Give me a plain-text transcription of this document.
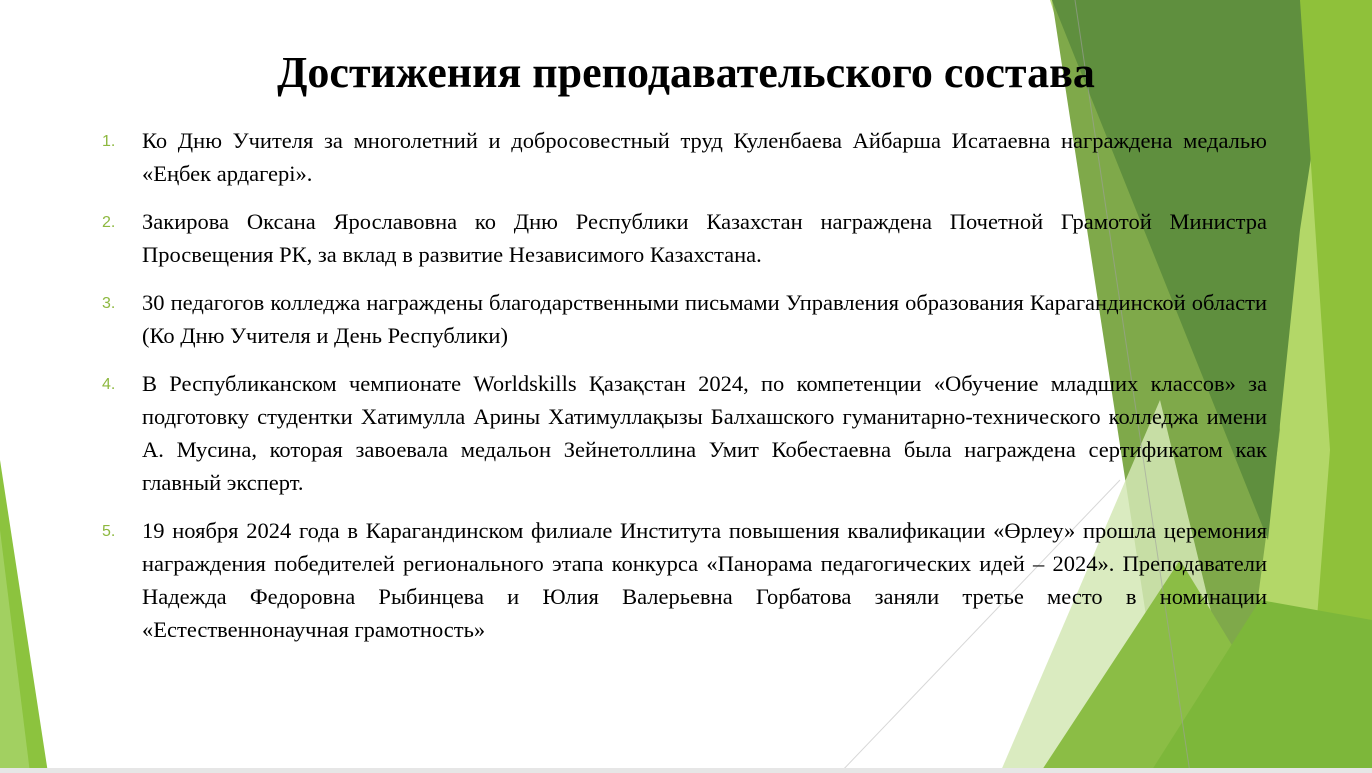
Достижения преподавательского состава
1. Ко Дню Учителя за многолетний и добросовестный труд Куленбаева Айбарша Исатаевна награждена медалью «Еңбек ардагері».
2. Закирова Оксана Ярославовна ко Дню Республики Казахстан награждена Почетной Грамотой Министра Просвещения РК, за вклад в развитие Независимого Казахстана.
3. 30 педагогов колледжа награждены благодарственными письмами Управления образования Карагандинской области (Ко Дню Учителя и День Республики)
4. В Республиканском чемпионате Worldskills Қазақстан 2024, по компетенции «Обучение младших классов» за подготовку студентки Хатимулла Арины Хатимуллақызы Балхашского гуманитарно-технического колледжа имени А. Мусина, которая завоевала медальон Зейнетоллина Умит Кобестаевна была награждена сертификатом как главный эксперт.
5. 19 ноября 2024 года в Карагандинском филиале Института повышения квалификации «Өрлеу» прошла церемония награждения победителей регионального этапа конкурса «Панорама педагогических идей – 2024». Преподаватели Надежда Федоровна Рыбинцева и Юлия Валерьевна Горбатова заняли третье место в номинации «Естественнонаучная грамотность»
